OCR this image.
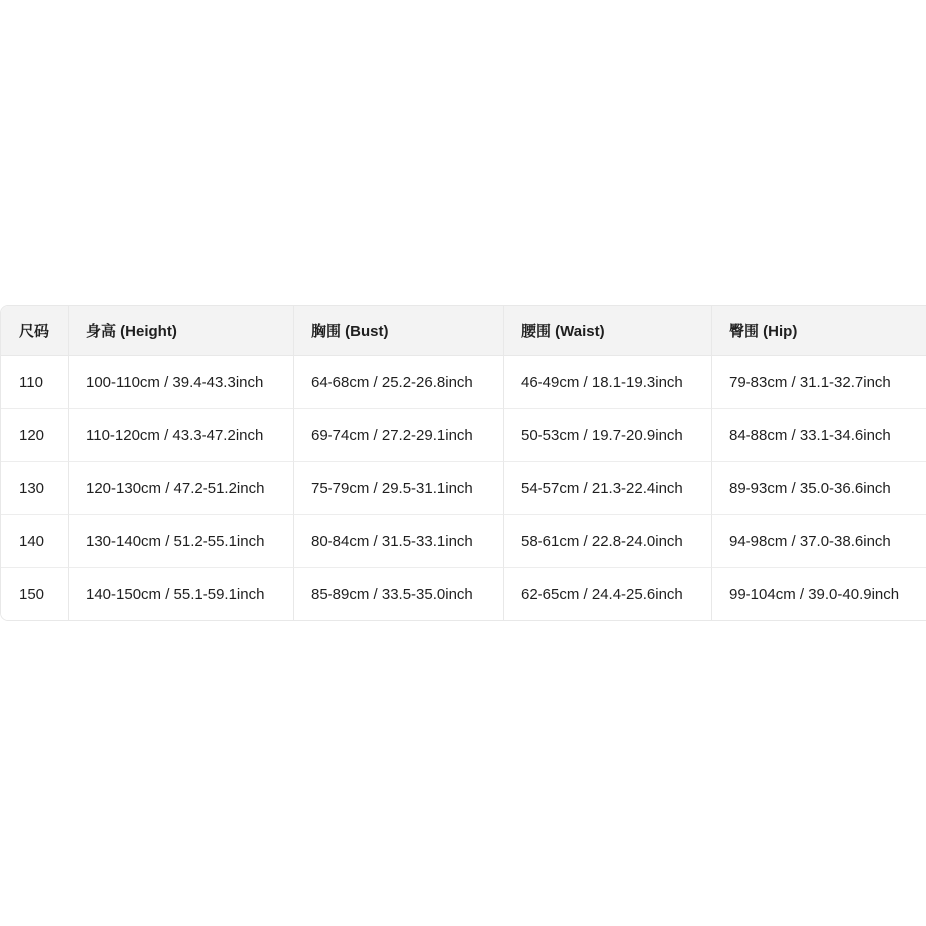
尺码	身高 (Height)	胸围 (Bust)	腰围 (Waist)	臀围 (Hip)
110	100-110cm / 39.4-43.3inch	64-68cm / 25.2-26.8inch	46-49cm / 18.1-19.3inch	79-83cm / 31.1-32.7inch
120	110-120cm / 43.3-47.2inch	69-74cm / 27.2-29.1inch	50-53cm / 19.7-20.9inch	84-88cm / 33.1-34.6inch
130	120-130cm / 47.2-51.2inch	75-79cm / 29.5-31.1inch	54-57cm / 21.3-22.4inch	89-93cm / 35.0-36.6inch
140	130-140cm / 51.2-55.1inch	80-84cm / 31.5-33.1inch	58-61cm / 22.8-24.0inch	94-98cm / 37.0-38.6inch
150	140-150cm / 55.1-59.1inch	85-89cm / 33.5-35.0inch	62-65cm / 24.4-25.6inch	99-104cm / 39.0-40.9inch
